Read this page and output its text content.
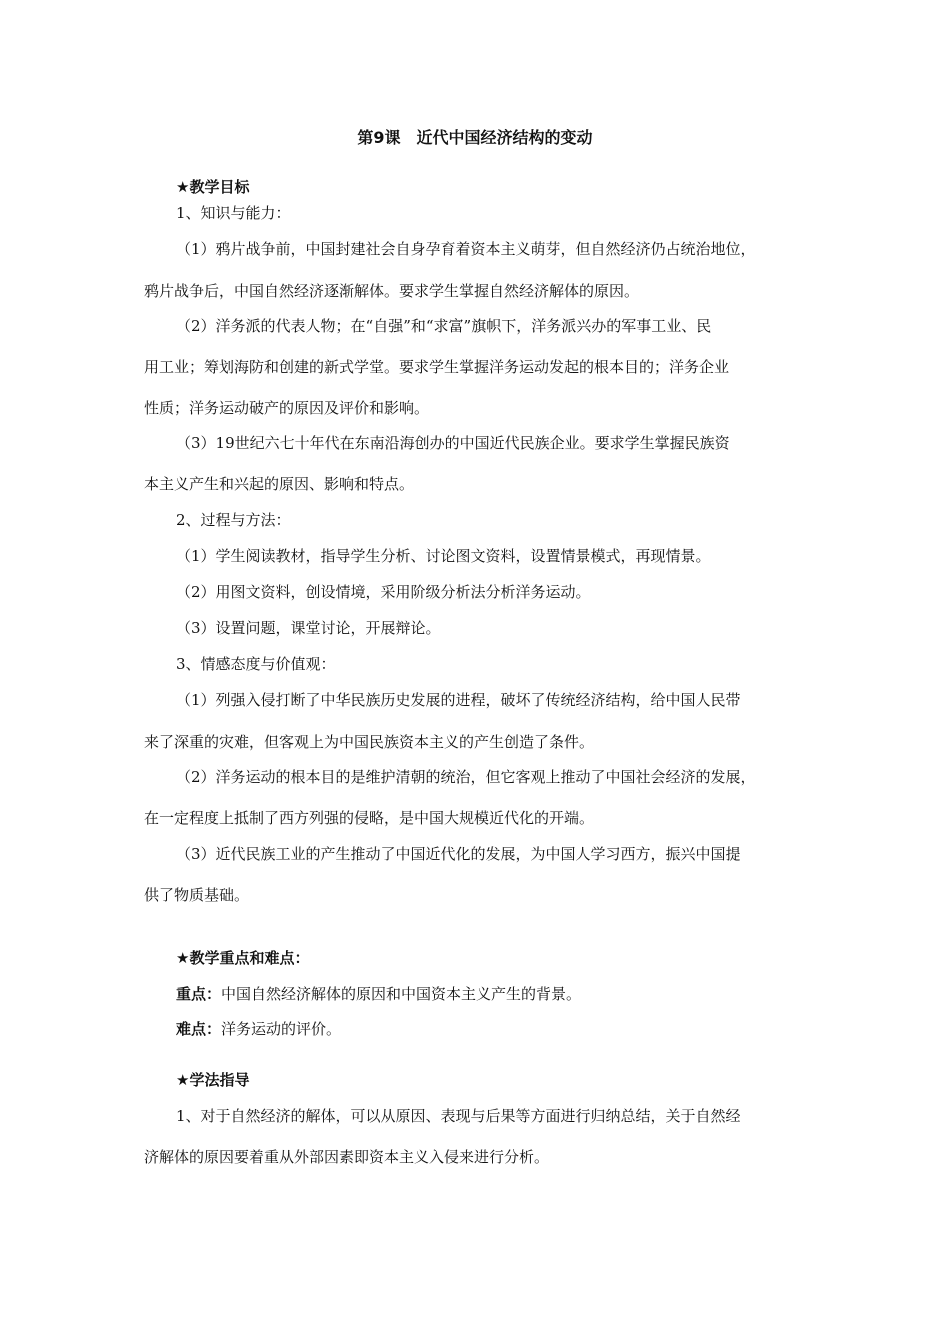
第9课　近代中国经济结构的变动
★教学目标
1、知识与能力：
（1）鸦片战争前，中国封建社会自身孕育着资本主义萌芽，但自然经济仍占统治地位，
鸦片战争后，中国自然经济逐渐解体。要求学生掌握自然经济解体的原因。
（2）洋务派的代表人物；在“自强”和“求富”旗帜下，洋务派兴办的军事工业、民
用工业；筹划海防和创建的新式学堂。要求学生掌握洋务运动发起的根本目的；洋务企业
性质；洋务运动破产的原因及评价和影响。
（3）19世纪六七十年代在东南沿海创办的中国近代民族企业。要求学生掌握民族资
本主义产生和兴起的原因、影响和特点。
2、过程与方法：
（1）学生阅读教材，指导学生分析、讨论图文资料，设置情景模式，再现情景。
（2）用图文资料，创设情境，采用阶级分析法分析洋务运动。
（3）设置问题，课堂讨论，开展辩论。
3、情感态度与价值观：
（1）列强入侵打断了中华民族历史发展的进程，破坏了传统经济结构，给中国人民带
来了深重的灾难，但客观上为中国民族资本主义的产生创造了条件。
（2）洋务运动的根本目的是维护清朝的统治，但它客观上推动了中国社会经济的发展，
在一定程度上抵制了西方列强的侵略，是中国大规模近代化的开端。
（3）近代民族工业的产生推动了中国近代化的发展，为中国人学习西方，振兴中国提
供了物质基础。
★教学重点和难点：
重点：中国自然经济解体的原因和中国资本主义产生的背景。
难点：洋务运动的评价。
★学法指导
1、对于自然经济的解体，可以从原因、表现与后果等方面进行归纳总结，关于自然经
济解体的原因要着重从外部因素即资本主义入侵来进行分析。
